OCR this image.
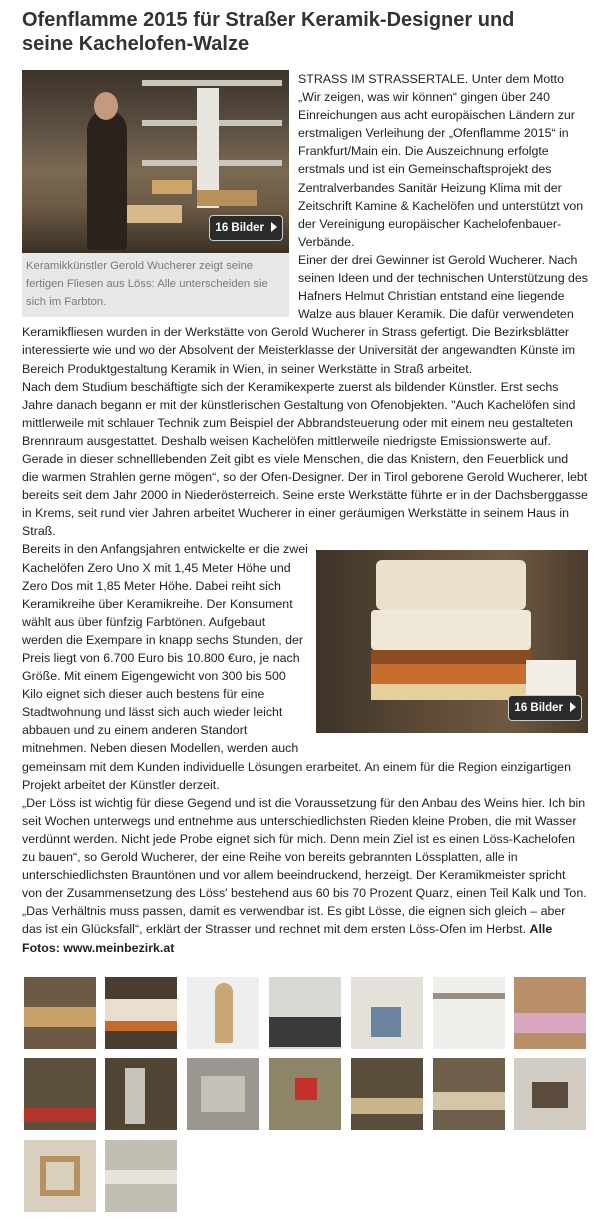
Ofenflamme 2015 für Straßer Keramik-Designer und
seine Kachelofen-Walze
16 Bilder
Keramikkünstler Gerold Wucherer zeigt seine fertigen Fliesen aus Löss: Alle unterscheiden sie sich im Farbton.

STRASS IM STRASSERTALE. Unter dem Motto „Wir zeigen, was wir können“ gingen über 240 Einreichungen aus acht europäischen Ländern zur erstmaligen Verleihung der „Ofenflamme 2015“ in Frankfurt/Main ein. Die Auszeichnung erfolgte erstmals und ist ein Gemeinschaftsprojekt des Zentralverbandes Sanitär Heizung Klima mit der Zeitschrift Kamine & Kachelöfen und unterstützt von der Vereinigung europäischer Kachelofenbauer-Verbände.

Einer der drei Gewinner ist Gerold Wucherer. Nach seinen Ideen und der technischen Unterstützung des Hafners Helmut Christian entstand eine liegende Walze aus blauer Keramik. Die dafür verwendeten Keramikfliesen wurden in der Werkstätte von Gerold Wucherer in Strass gefertigt. Die Bezirksblätter interessierte wie und wo der Absolvent der Meisterklasse der Universität der angewandten Künste im Bereich Produktgestaltung Keramik in Wien, in seiner Werkstätte in Straß arbeitet.

Nach dem Studium beschäftigte sich der Keramikexperte zuerst als bildender Künstler. Erst sechs Jahre danach begann er mit der künstlerischen Gestaltung von Ofenobjekten. "Auch Kachelöfen sind mittlerweile mit schlauer Technik zum Beispiel der Abbrandsteuerung oder mit einem neu gestalteten Brennraum ausgestattet. Deshalb weisen Kachelöfen mittlerweile niedrigste Emissionswerte auf. Gerade in dieser schnelllebenden Zeit gibt es viele Menschen, die das Knistern, den Feuerblick und die warmen Strahlen gerne mögen“, so der Ofen-Designer. Der in Tirol geborene Gerold Wucherer, lebt bereits seit dem Jahr 2000 in Niederösterreich. Seine erste Werkstätte führte er in der Dachsberggasse in Krems, seit rund vier Jahren arbeitet Wucherer in einer geräumigen Werkstätte in seinem Haus in Straß.

16 Bilder

Bereits in den Anfangsjahren entwickelte er die zwei Kachelöfen Zero Uno X mit 1,45 Meter Höhe und Zero Dos mit 1,85 Meter Höhe. Dabei reiht sich Keramikreihe über Keramikreihe. Der Konsument wählt aus über fünfzig Farbtönen. Aufgebaut werden die Exempare in knapp sechs Stunden, der Preis liegt von 6.700 Euro bis 10.800 €uro, je nach Größe. Mit einem Eigengewicht von 300 bis 500 Kilo eignet sich dieser auch bestens für eine Stadtwohnung und lässt sich auch wieder leicht abbauen und zu einem anderen Standort mitnehmen. Neben diesen Modellen, werden auch gemeinsam mit dem Kunden individuelle Lösungen erarbeitet. An einem für die Region einzigartigen Projekt arbeitet der Künstler derzeit.

„Der Löss ist wichtig für diese Gegend und ist die Voraussetzung für den Anbau des Weins hier. Ich bin seit Wochen unterwegs und entnehme aus unterschiedlichsten Rieden kleine Proben, die mit Wasser verdünnt werden. Nicht jede Probe eignet sich für mich. Denn mein Ziel ist es einen Löss-Kachelofen zu bauen“, so Gerold Wucherer, der eine Reihe von bereits gebrannten Lössplatten, alle in unterschiedlichsten Brauntönen und vor allem beeindruckend, herzeigt. Der Keramikmeister spricht von der Zusammensetzung des Löss' bestehend aus 60 bis 70 Prozent Quarz, einen Teil Kalk und Ton. „Das Verhältnis muss passen, damit es verwendbar ist. Es gibt Lösse, die eignen sich gleich – aber das ist ein Glücksfall“, erklärt der Strasser und rechnet mit dem ersten Löss-Ofen im Herbst. Alle Fotos: www.meinbezirk.at
